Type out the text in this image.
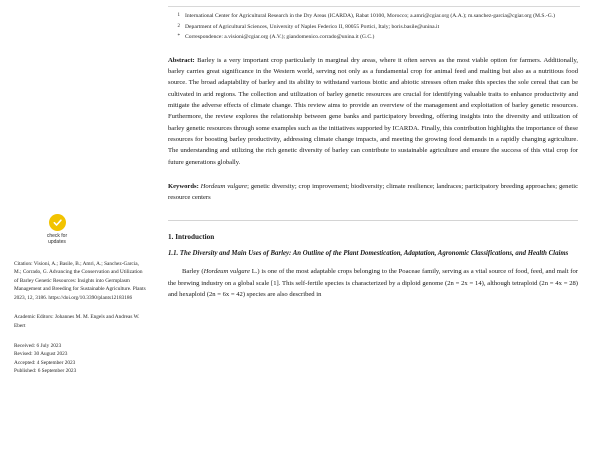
check for
updates
Citation: Visioni, A.; Basile, B.; Amri, A.; Sanchez-Garcia, M.; Corrado, G. Advancing the Conservation and Utilization of Barley Genetic Resources: Insights into Germplasm Management and Breeding for Sustainable Agriculture. Plants 2023, 12, 3186. https://doi.org/10.3390/plants12183186
Academic Editors: Johannes M. M. Engels and Andreas W. Ebert
Received: 6 July 2023
Revised: 30 August 2023
Accepted: 4 September 2023
Published: 6 September 2023
1 International Center for Agricultural Research in the Dry Areas (ICARDA), Rabat 10100, Morocco; a.amri@cgiar.org (A.A.); m.sanchez-garcia@cgiar.org (M.S.-G.)
2 Department of Agricultural Sciences, University of Naples Federico II, 80055 Portici, Italy; boris.basile@unina.it
* Correspondence: a.visioni@cgiar.org (A.V.); giandomenico.corrado@unina.it (G.C.)
Abstract: Barley is a very important crop particularly in marginal dry areas, where it often serves as the most viable option for farmers. Additionally, barley carries great significance in the Western world, serving not only as a fundamental crop for animal feed and malting but also as a nutritious food source. The broad adaptability of barley and its ability to withstand various biotic and abiotic stresses often make this species the sole cereal that can be cultivated in arid regions. The collection and utilization of barley genetic resources are crucial for identifying valuable traits to enhance productivity and mitigate the adverse effects of climate change. This review aims to provide an overview of the management and exploitation of barley genetic resources. Furthermore, the review explores the relationship between gene banks and participatory breeding, offering insights into the diversity and utilization of barley genetic resources through some examples such as the initiatives supported by ICARDA. Finally, this contribution highlights the importance of these resources for boosting barley productivity, addressing climate change impacts, and meeting the growing food demands in a rapidly changing agriculture. The understanding and utilizing the rich genetic diversity of barley can contribute to sustainable agriculture and ensure the success of this vital crop for future generations globally.
Keywords: Hordeum vulgare; genetic diversity; crop improvement; biodiversity; climate resilience; landraces; participatory breeding approaches; genetic resource centers
1. Introduction
1.1. The Diversity and Main Uses of Barley: An Outline of the Plant Domestication, Adaptation, Agronomic Classifications, and Health Claims

Barley (Hordeum vulgare L.) is one of the most adaptable crops belonging to the Poaceae family, serving as a vital source of food, feed, and malt for the brewing industry on a global scale [1]. This self-fertile species is characterized by a diploid genome (2n = 2x = 14), although tetraploid (2n = 4x = 28) and hexaploid (2n = 6x = 42) species are also described in
